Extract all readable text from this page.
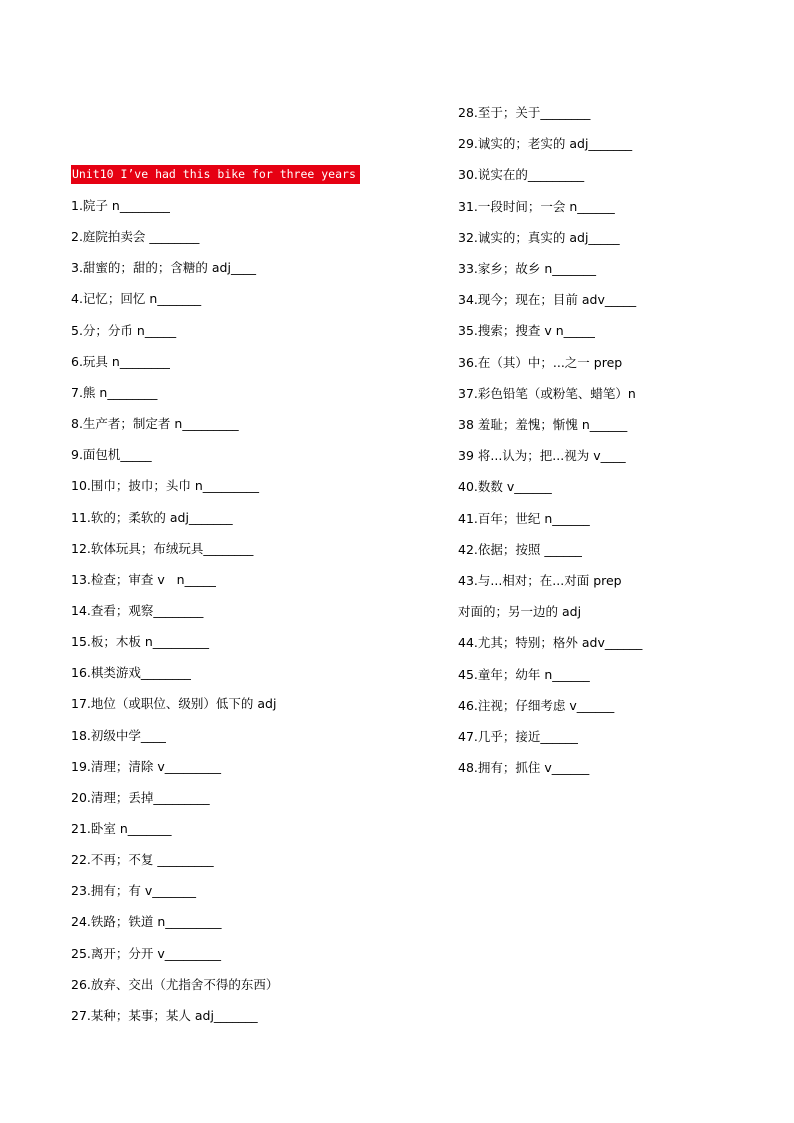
Unit10 I’ve had this bike for three years
1.院子 n________
2.庭院拍卖会 ________
3.甜蜜的；甜的；含糖的 adj____
4.记忆；回忆 n_______
5.分；分币 n_____
6.玩具 n________
7.熊 n________
8.生产者；制定者 n_________
9.面包机_____
10.围巾；披巾；头巾 n_________
11.软的；柔软的 adj_______
12.软体玩具；布绒玩具________
13.检查；审查 v   n_____
14.查看；观察________
15.板；木板 n_________
16.棋类游戏________
17.地位（或职位、级别）低下的 adj
18.初级中学____
19.清理；清除 v_________
20.清理；丢掉_________
21.卧室 n_______
22.不再；不复 _________
23.拥有；有 v_______
24.铁路；铁道 n_________
25.离开；分开 v_________
26.放弃、交出（尤指舍不得的东西）
27.某种；某事；某人 adj_______
28.至于；关于________
29.诚实的；老实的 adj_______
30.说实在的_________
31.一段时间；一会 n______
32.诚实的；真实的 adj_____
33.家乡；故乡 n_______
34.现今；现在；目前 adv_____
35.搜索；搜查 v n_____
36.在（其）中；...之一 prep
37.彩色铅笔（或粉笔、蜡笔）n
38 羞耻；羞愧；惭愧 n______
39 将...认为；把...视为 v____
40.数数 v______
41.百年；世纪 n______
42.依据；按照 ______
43.与...相对；在...对面 prep
对面的；另一边的 adj
44.尤其；特别；格外 adv______
45.童年；幼年 n______
46.注视；仔细考虑 v______
47.几乎；接近______
48.拥有；抓住 v______
